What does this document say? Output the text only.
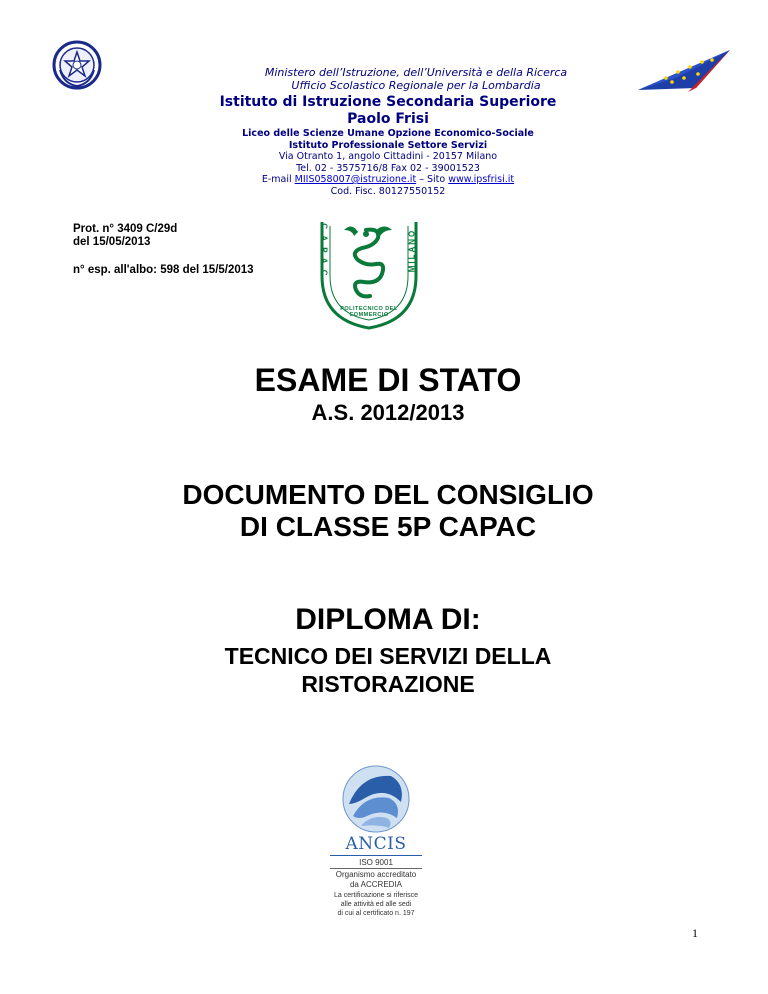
Ministero dell’Istruzione, dell’Università e della Ricerca
Ufficio Scolastico Regionale per la Lombardia
Istituto di Istruzione Secondaria Superiore
Paolo Frisi
Liceo delle Scienze Umane Opzione Economico-Sociale
Istituto Professionale Settore Servizi
Via Otranto 1, angolo Cittadini - 20157 Milano
Tel. 02 - 3575716/8 Fax 02 - 39001523
E-mail MIIS058007@istruzione.it – Sito www.ipsfrisi.it
Cod. Fisc. 80127550152
Prot. n° 3409 C/29d
del 15/05/2013
n° esp. all'albo: 598 del 15/5/2013	C.A.P.A.C.	MILANO
POLITECNICO DEL COMMERCIO
ESAME DI STATO
A.S. 2012/2013
DOCUMENTO DEL CONSIGLIO
DI CLASSE 5P CAPAC
DIPLOMA DI:
TECNICO DEI SERVIZI DELLA
RISTORAZIONE
ANCIS
ISO 9001
Organismo accreditato
da ACCREDIA
La certificazione si riferisce
alle attività ed alle sedi
di cui al certificato n. 197
1
